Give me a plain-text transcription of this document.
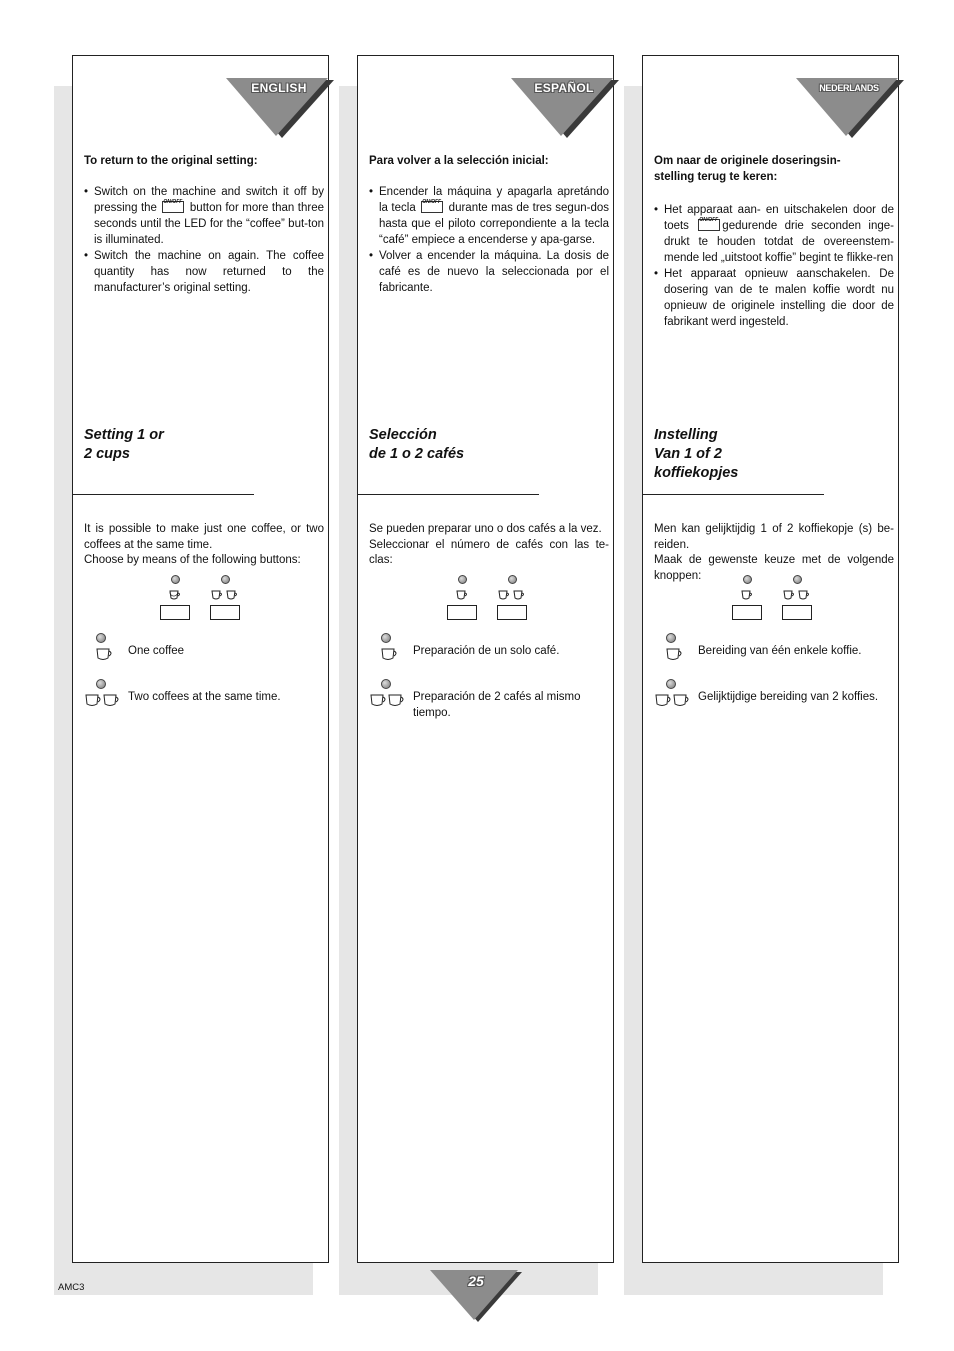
ENGLISH
To return to the original setting:
• Switch on the machine and switch it off by pressing the ON/OFF button for more than three seconds until the LED for the “coffee” but-ton is illuminated.
• Switch the machine on again. The coffee quantity has now returned to the manufacturer’s original setting.
Setting 1 or
2 cups
It is possible to make just one coffee, or two coffees at the same time.
Choose by means of the following buttons:
◡
One coffee
Two coffees at the same time.
ESPAÑOL
Para volver a la selección inicial:
• Encender la máquina y apagarla apretándo la tecla ON/OFF durante mas de tres segun-dos hasta que el piloto correpondiente a la tecla “café” empiece a encenderse y apa-garse.
• Volver a encender la máquina. La dosis de café es de nuevo la seleccionada por el fabricante.
Selección
de 1 o 2 cafés
Se pueden preparar uno o dos cafés a la vez.
Seleccionar el número de cafés con las te-clas:
Preparación de un solo café.
Preparación de 2 cafés al mismo tiempo.
NEDERLANDS
Om naar de originele doseringsin-
stelling terug te keren:
• Het apparaat aan- en uitschakelen door de toets ON/OFFgedurende drie seconden inge-drukt te houden totdat de overeenstem-mende led „uitstoot koffie” begint te flikke-ren
• Het apparaat opnieuw aanschakelen. De dosering van de te malen koffie wordt nu opnieuw de originele instelling die door de fabrikant werd ingesteld.
Instelling
Van 1 of 2
koffiekopjes
Men kan gelijktijdig 1 of 2 koffiekopje (s) be-reiden.
Maak de gewenste keuze met de volgende knoppen:
Bereiding van één enkele koffie.
Gelijktijdige bereiding van 2 koffies.
AMC3	25
